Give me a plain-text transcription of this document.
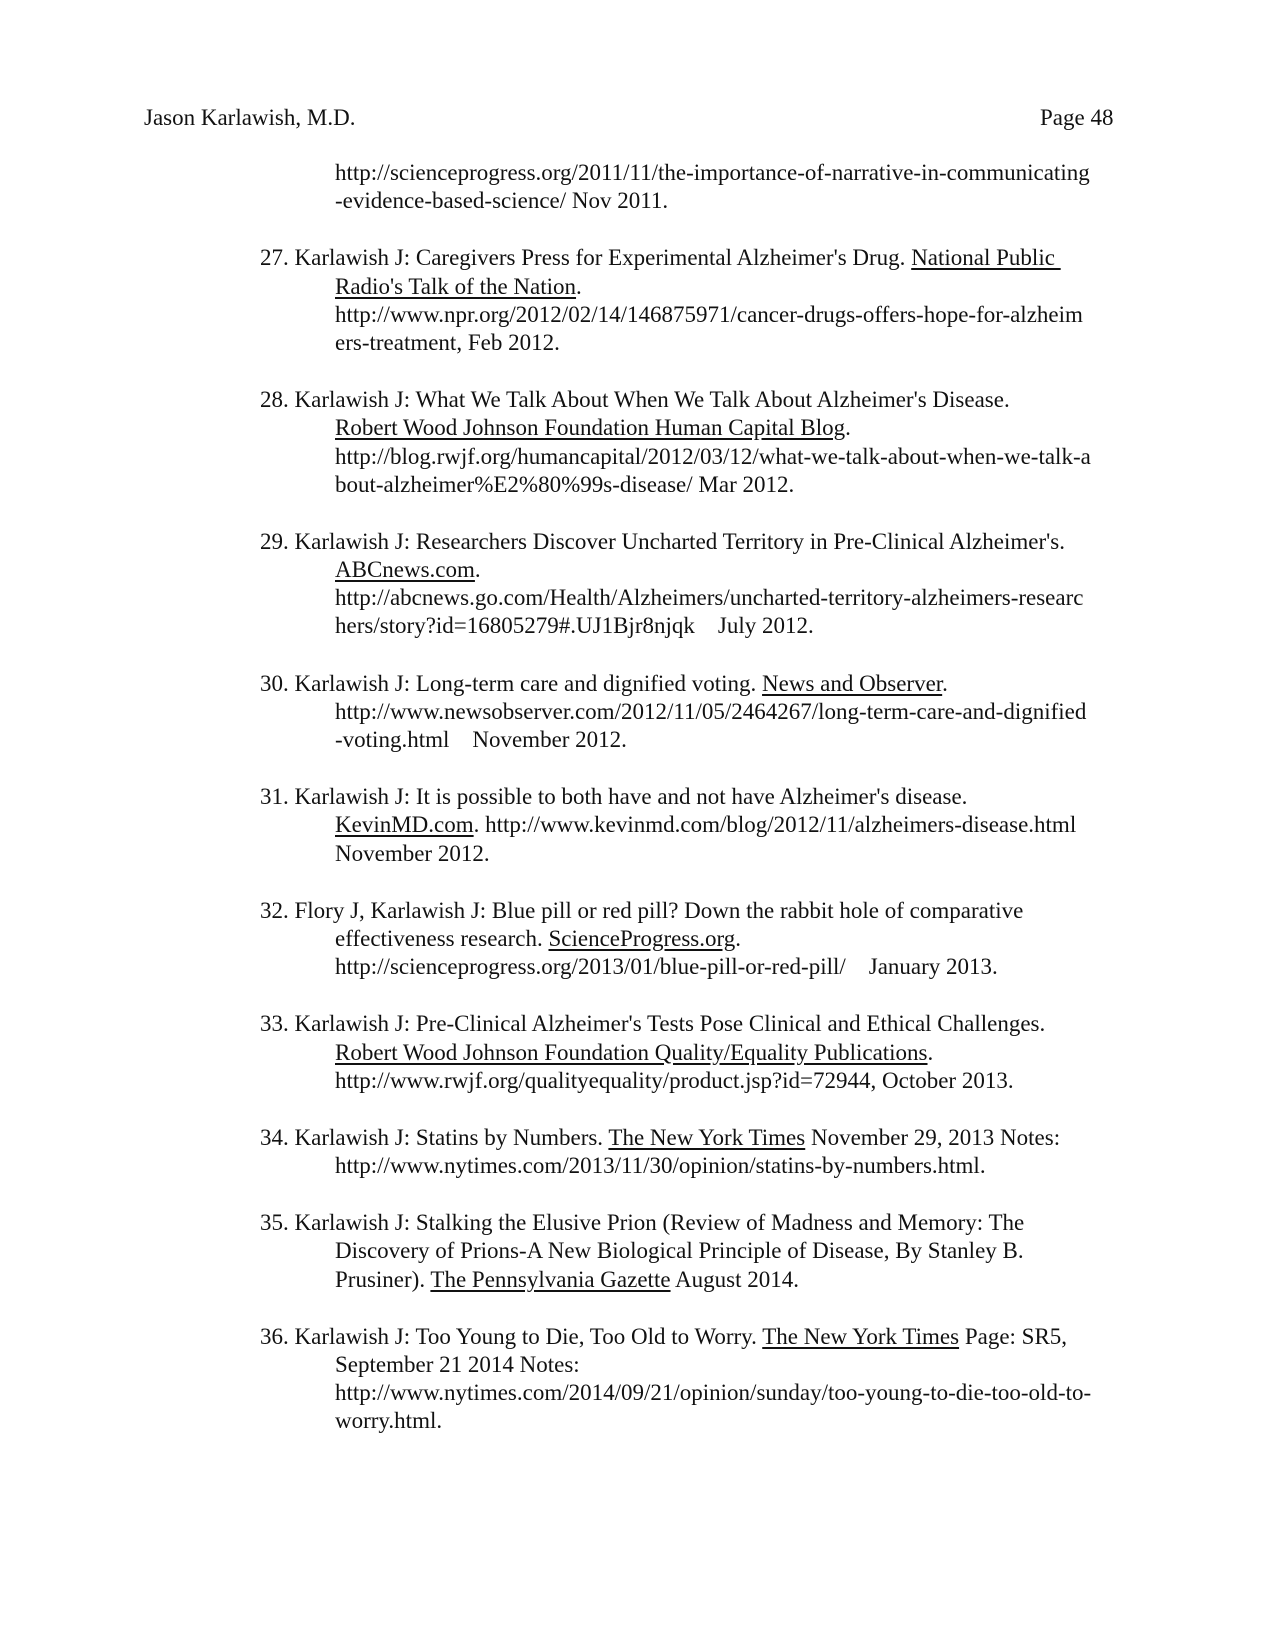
Jason Karlawish, M.D.	Page 48
http://scienceprogress.org/2011/11/the-importance-of-narrative-in-communicating
-evidence-based-science/ Nov 2011.
27. Karlawish J: Caregivers Press for Experimental Alzheimer's Drug. National Public
Radio's Talk of the Nation.
http://www.npr.org/2012/02/14/146875971/cancer-drugs-offers-hope-for-alzheim
ers-treatment, Feb 2012.
28. Karlawish J: What We Talk About When We Talk About Alzheimer's Disease.
Robert Wood Johnson Foundation Human Capital Blog.
http://blog.rwjf.org/humancapital/2012/03/12/what-we-talk-about-when-we-talk-a
bout-alzheimer%E2%80%99s-disease/ Mar 2012.
29. Karlawish J: Researchers Discover Uncharted Territory in Pre-Clinical Alzheimer's.
ABCnews.com.
http://abcnews.go.com/Health/Alzheimers/uncharted-territory-alzheimers-researc
hers/story?id=16805279#.UJ1Bjr8njqk    July 2012.
30. Karlawish J: Long-term care and dignified voting. News and Observer.
http://www.newsobserver.com/2012/11/05/2464267/long-term-care-and-dignified
-voting.html    November 2012.
31. Karlawish J: It is possible to both have and not have Alzheimer's disease.
KevinMD.com. http://www.kevinmd.com/blog/2012/11/alzheimers-disease.html
November 2012.
32. Flory J, Karlawish J: Blue pill or red pill? Down the rabbit hole of comparative
effectiveness research. ScienceProgress.org.
http://scienceprogress.org/2013/01/blue-pill-or-red-pill/    January 2013.
33. Karlawish J: Pre-Clinical Alzheimer's Tests Pose Clinical and Ethical Challenges.
Robert Wood Johnson Foundation Quality/Equality Publications.
http://www.rwjf.org/qualityequality/product.jsp?id=72944, October 2013.
34. Karlawish J: Statins by Numbers. The New York Times November 29, 2013 Notes:
http://www.nytimes.com/2013/11/30/opinion/statins-by-numbers.html.
35. Karlawish J: Stalking the Elusive Prion (Review of Madness and Memory: The
Discovery of Prions-A New Biological Principle of Disease, By Stanley B.
Prusiner). The Pennsylvania Gazette August 2014.
36. Karlawish J: Too Young to Die, Too Old to Worry. The New York Times Page: SR5,
September 21 2014 Notes:
http://www.nytimes.com/2014/09/21/opinion/sunday/too-young-to-die-too-old-to-
worry.html.
